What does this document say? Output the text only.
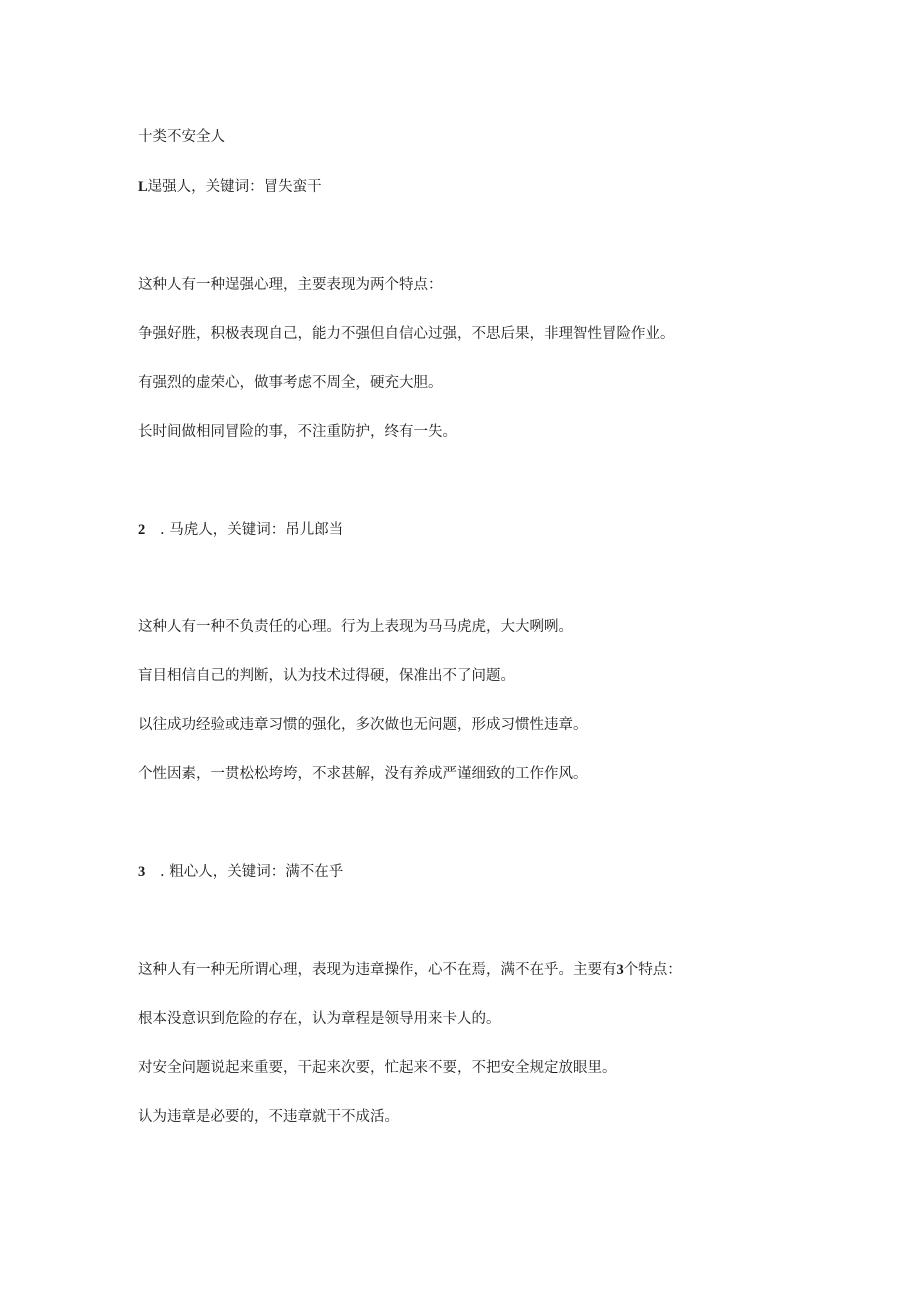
十类不安全人

L逞强人，关键词：冒失蛮干

这种人有一种逞强心理，主要表现为两个特点：

争强好胜，积极表现自己，能力不强但自信心过强，不思后果，非理智性冒险作业。

有强烈的虚荣心，做事考虑不周全，硬充大胆。

长时间做相同冒险的事，不注重防护，终有一失。

2 . 马虎人，关键词：吊儿郎当

这种人有一种不负责任的心理。行为上表现为马马虎虎，大大咧咧。

盲目相信自己的判断，认为技术过得硬，保准出不了问题。

以往成功经验或违章习惯的强化，多次做也无问题，形成习惯性违章。

个性因素，一贯松松垮垮，不求甚解，没有养成严谨细致的工作作风。

3 . 粗心人，关键词：满不在乎

这种人有一种无所谓心理，表现为违章操作，心不在焉，满不在乎。主要有3个特点：

根本没意识到危险的存在，认为章程是领导用来卡人的。

对安全问题说起来重要，干起来次要，忙起来不要，不把安全规定放眼里。

认为违章是必要的，不违章就干不成活。
